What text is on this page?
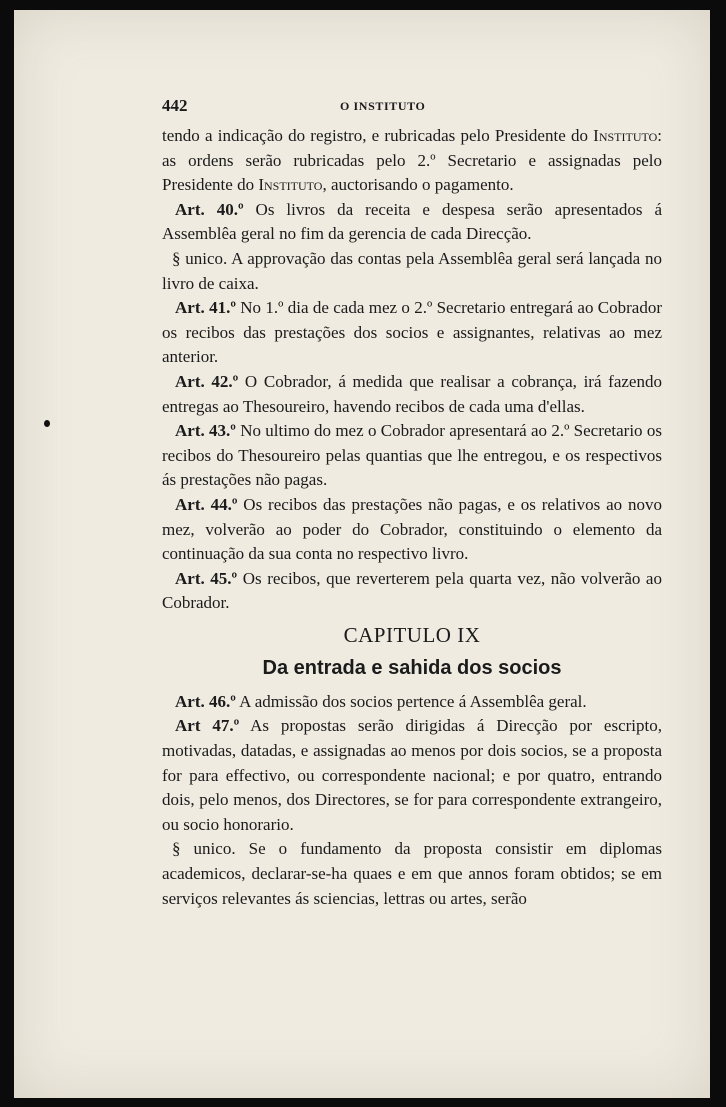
442	O INSTITUTO

tendo a indicação do registro, e rubricadas pelo Presidente do Instituto: as ordens serão rubricadas pelo 2.º Secretario e assignadas pelo Presidente do Instituto, auctorisando o pagamento.

Art. 40.º Os livros da receita e despesa serão apresentados á Assemblêa geral no fim da gerencia de cada Direcção.

§ unico. A approvação das contas pela Assemblêa geral será lançada no livro de caixa.

Art. 41.º No 1.º dia de cada mez o 2.º Secretario entregará ao Cobrador os recibos das prestações dos socios e assignantes, relativas ao mez anterior.

Art. 42.º O Cobrador, á medida que realisar a cobrança, irá fazendo entregas ao Thesoureiro, havendo recibos de cada uma d'ellas.

Art. 43.º No ultimo do mez o Cobrador apresentará ao 2.º Secretario os recibos do Thesoureiro pelas quantias que lhe entregou, e os respectivos ás prestações não pagas.

Art. 44.º Os recibos das prestações não pagas, e os relativos ao novo mez, volverão ao poder do Cobrador, constituindo o elemento da continuação da sua conta no respectivo livro.

Art. 45.º Os recibos, que reverterem pela quarta vez, não volverão ao Cobrador.

CAPITULO IX
Da entrada e sahida dos socios

Art. 46.º A admissão dos socios pertence á Assemblêa geral.

Art 47.º As propostas serão dirigidas á Direcção por escripto, motivadas, datadas, e assignadas ao menos por dois socios, se a proposta for para effectivo, ou correspondente nacional; e por quatro, entrando dois, pelo menos, dos Directores, se for para correspondente extrangeiro, ou socio honorario.

§ unico. Se o fundamento da proposta consistir em diplomas academicos, declarar-se-ha quaes e em que annos foram obtidos; se em serviços relevantes ás sciencias, lettras ou artes, serão
